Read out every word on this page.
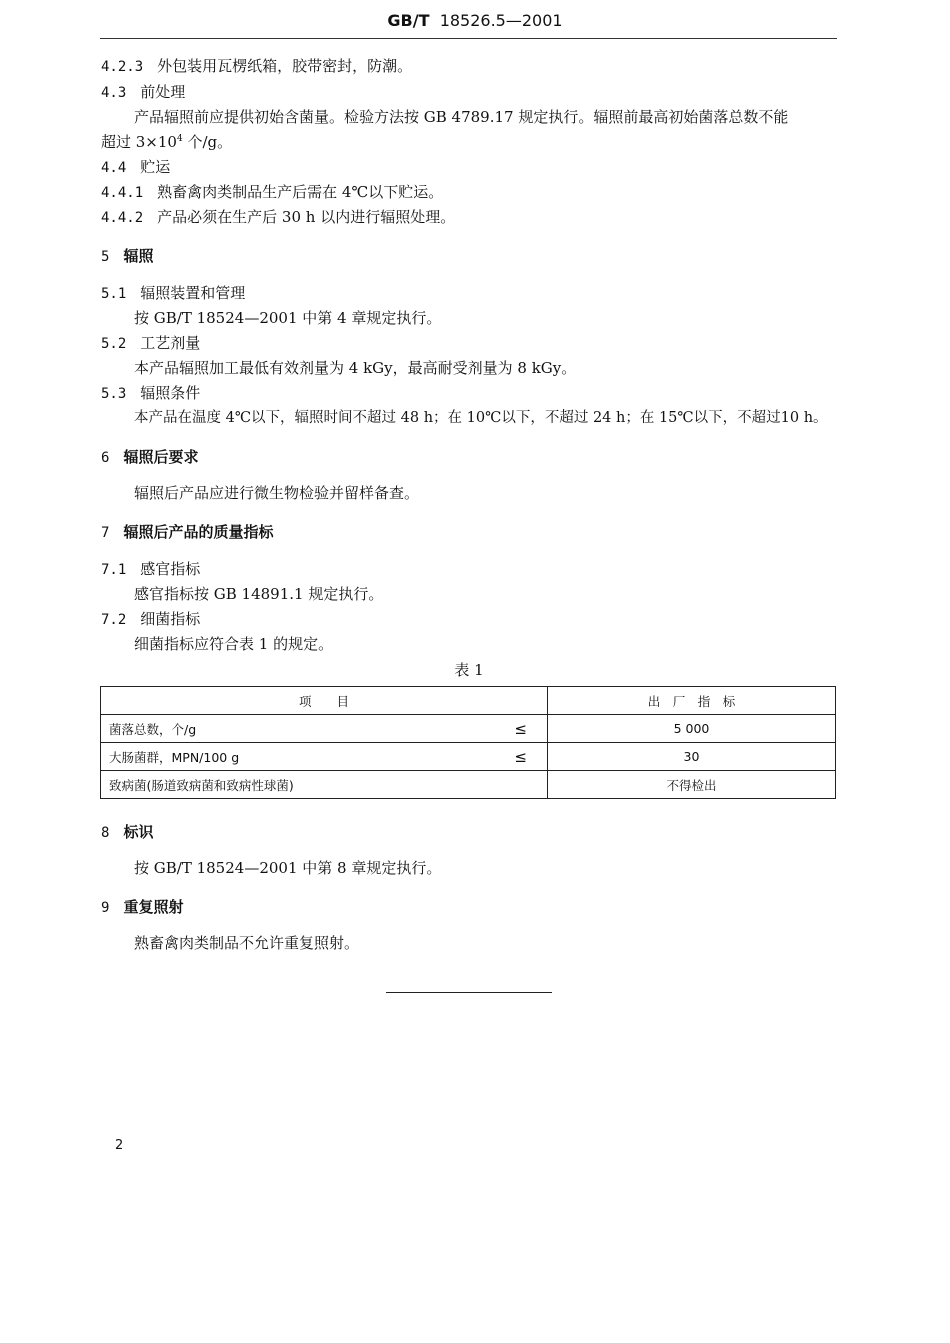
GB/T 18526.5—2001
4.2.3 外包装用瓦楞纸箱，胶带密封，防潮。
4.3 前处理
产品辐照前应提供初始含菌量。检验方法按 GB 4789.17 规定执行。辐照前最高初始菌落总数不能
超过 $3\times 10^4$ 个/g。
4.4 贮运
4.4.1 熟畜禽肉类制品生产后需在 4℃以下贮运。
4.4.2 产品必须在生产后 30 h 以内进行辐照处理。
5 辐照
5.1 辐照装置和管理
按 GB/T 18524—2001 中第 4 章规定执行。
5.2 工艺剂量
本产品辐照加工最低有效剂量为 4 kGy，最高耐受剂量为 8 kGy。
5.3 辐照条件
本产品在温度 4℃以下，辐照时间不超过 48 h；在 10℃以下，不超过 24 h；在 15℃以下，不超过10 h。
6 辐照后要求
辐照后产品应进行微生物检验并留样备查。
7 辐照后产品的质量指标
7.1 感官指标
感官指标按 GB 14891.1 规定执行。
7.2 细菌指标
细菌指标应符合表 1 的规定。
表 1
项　　目	出　厂　指　标
菌落总数，个/g ≤	5 000
大肠菌群，MPN/100 g ≤	30
致病菌(肠道致病菌和致病性球菌)	不得检出
8 标识
按 GB/T 18524—2001 中第 8 章规定执行。
9 重复照射
熟畜禽肉类制品不允许重复照射。
2
